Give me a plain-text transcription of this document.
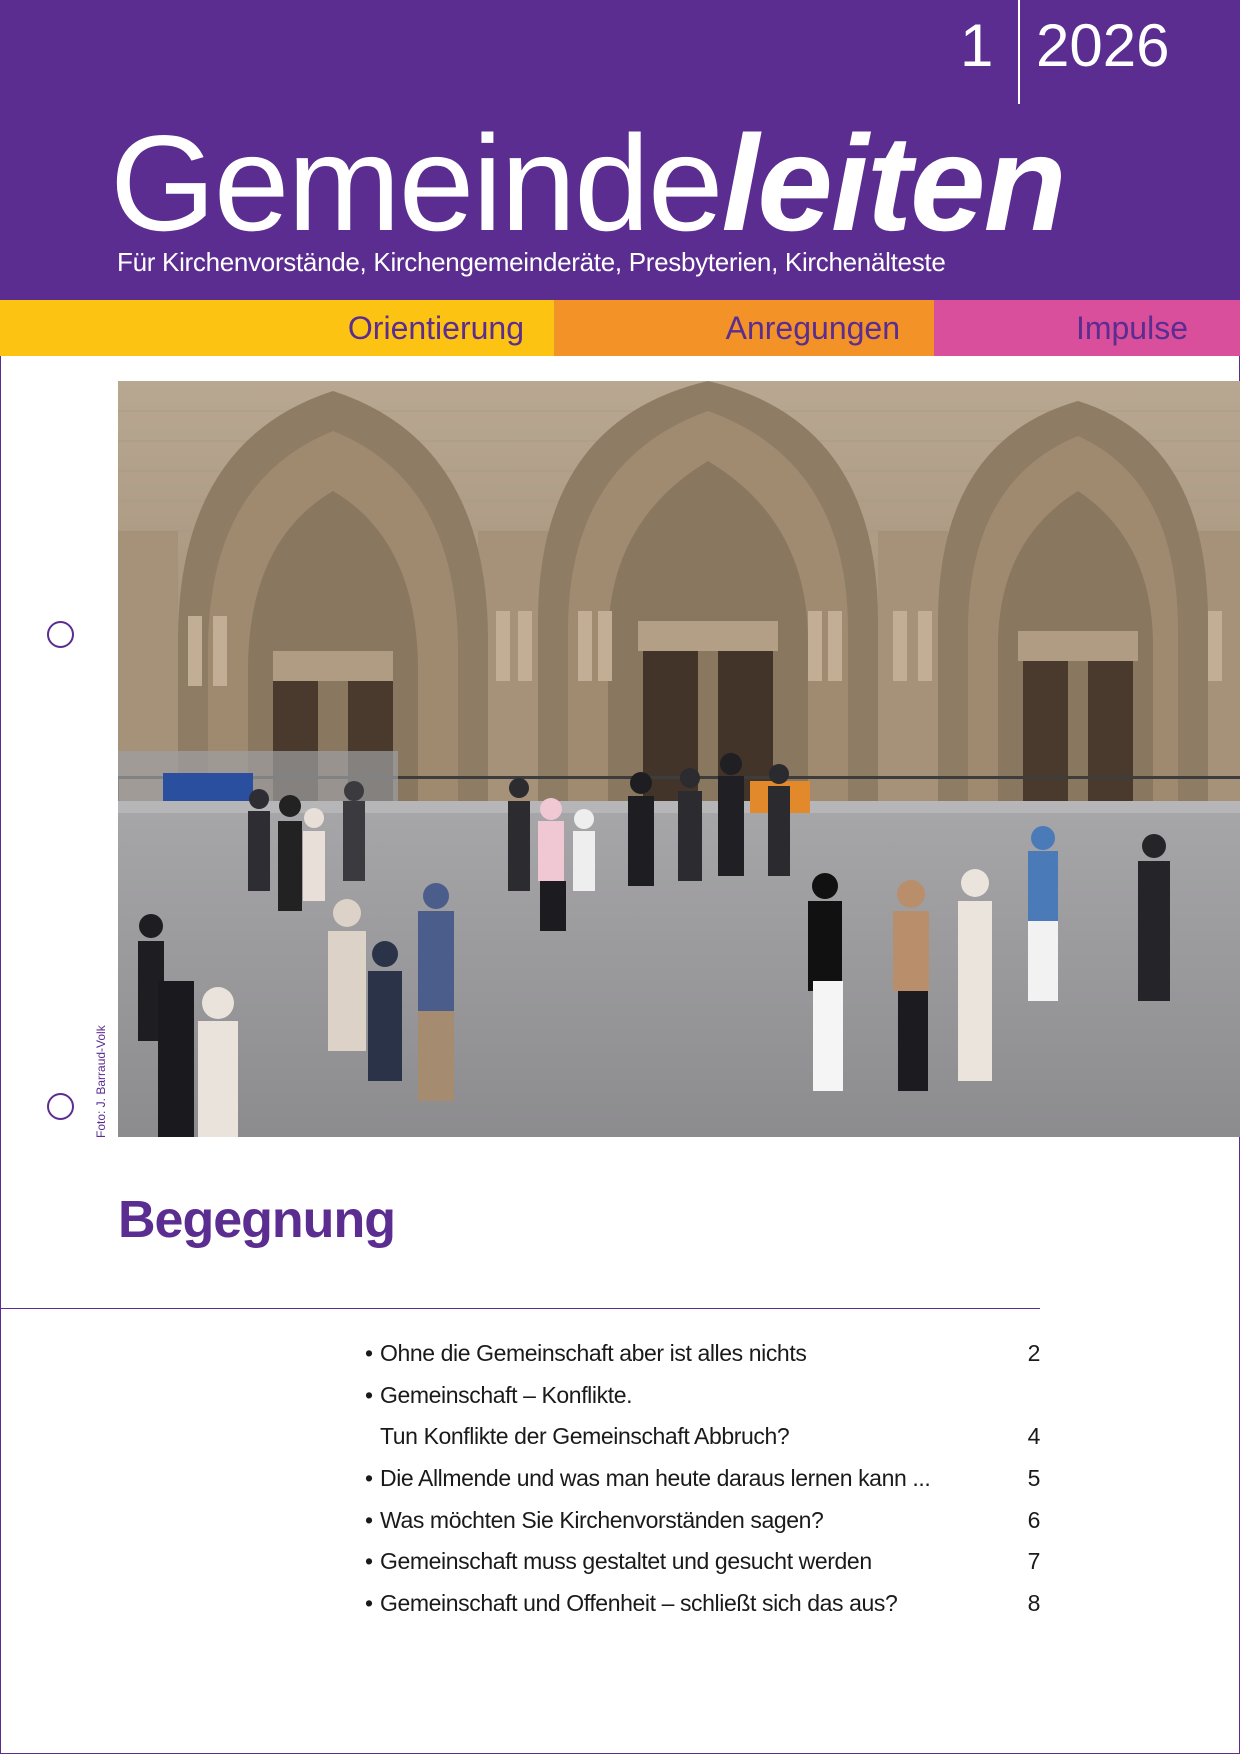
1 2026
Gemeindeleiten
Für Kirchenvorstände, Kirchengemeinderäte, Presbyterien, Kirchenälteste
Orientierung	Anregungen	Impulse
Foto: J. Barraud-Volk
Begegnung
• Ohne die Gemeinschaft aber ist alles nichts	2
• Gemeinschaft – Konflikte.
Tun Konflikte der Gemeinschaft Abbruch?	4
• Die Allmende und was man heute daraus lernen kann ...	5
• Was möchten Sie Kirchenvorständen sagen?	6
• Gemeinschaft muss gestaltet und gesucht werden	7
• Gemeinschaft und Offenheit – schließt sich das aus?	8
